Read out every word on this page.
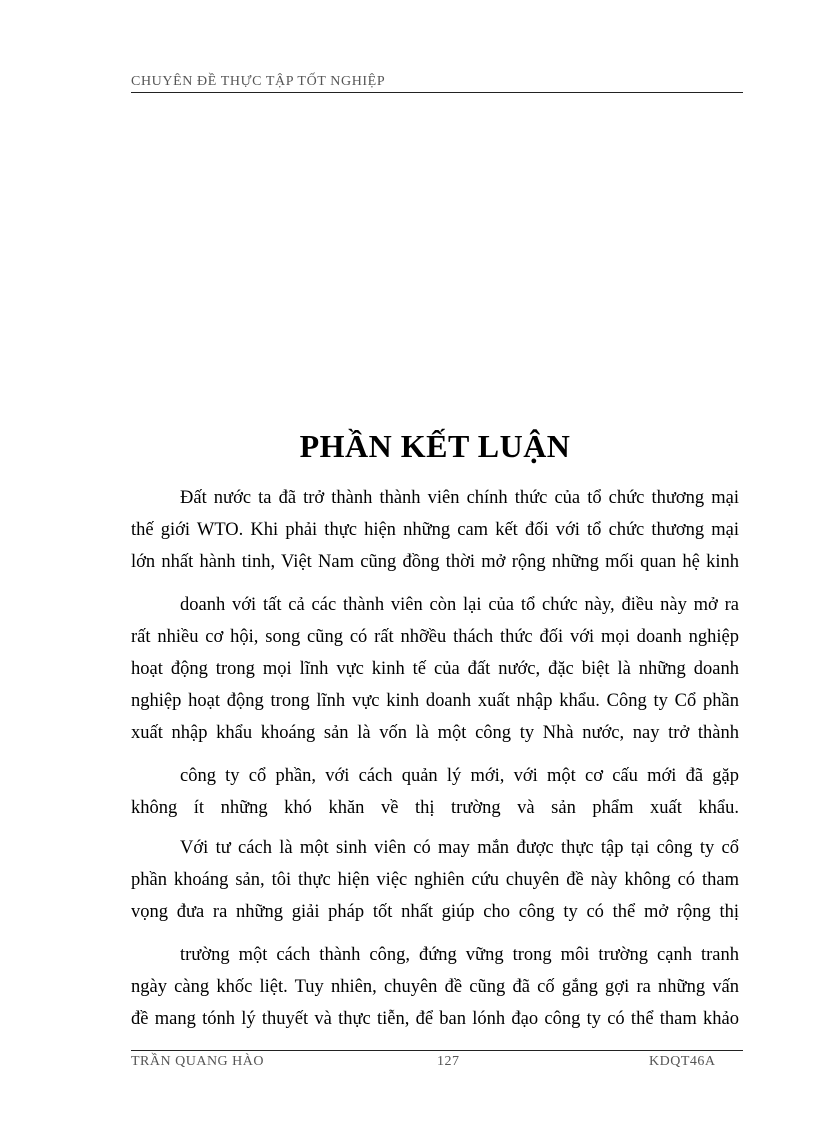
CHUYÊN ĐỀ THỰC TẬP TỐT NGHIỆP
PHẦN KẾT LUẬN
Đất nước ta đã trở thành thành viên chính thức của tổ chức thương mại
thế giới WTO. Khi phải thực hiện những cam kết đối với tổ chức thương mại
lớn nhất hành tinh, Việt Nam cũng đồng thời mở rộng những mối quan hệ kinh
doanh với tất cả các thành viên còn lại của tổ chức này, điều này mở ra
rất nhiều cơ hội, song cũng có rất nhỡều thách thức đối với mọi doanh nghiệp
hoạt động trong mọi lĩnh vực kinh tế của đất nước, đặc biệt là những doanh
nghiệp hoạt động trong lĩnh vực kinh doanh xuất nhập khẩu. Công ty Cổ phần
xuất nhập khẩu khoáng sản là vốn là một công ty Nhà nước, nay trở thành
công ty cổ phần, với cách quản lý mới, với một cơ cấu mới đã gặp
không ít những khó khăn về thị trường và sản phẩm xuất khẩu.
Với tư cách là một sinh viên có may mắn được thực tập tại công ty cổ
phần khoáng sản, tôi thực hiện việc nghiên cứu chuyên đề này không có tham
vọng đưa ra những giải pháp tốt nhất giúp cho công ty có thể mở rộng thị
trường một cách thành công, đứng vững trong môi trường cạnh tranh
ngày càng khốc liệt. Tuy nhiên, chuyên đề cũng đã cố gắng gợi ra những vấn
đề mang tónh lý thuyết và thực tiễn, để ban lónh đạo công ty có thể tham khảo
TRẦN QUANG HÀO	127	KDQT46A
